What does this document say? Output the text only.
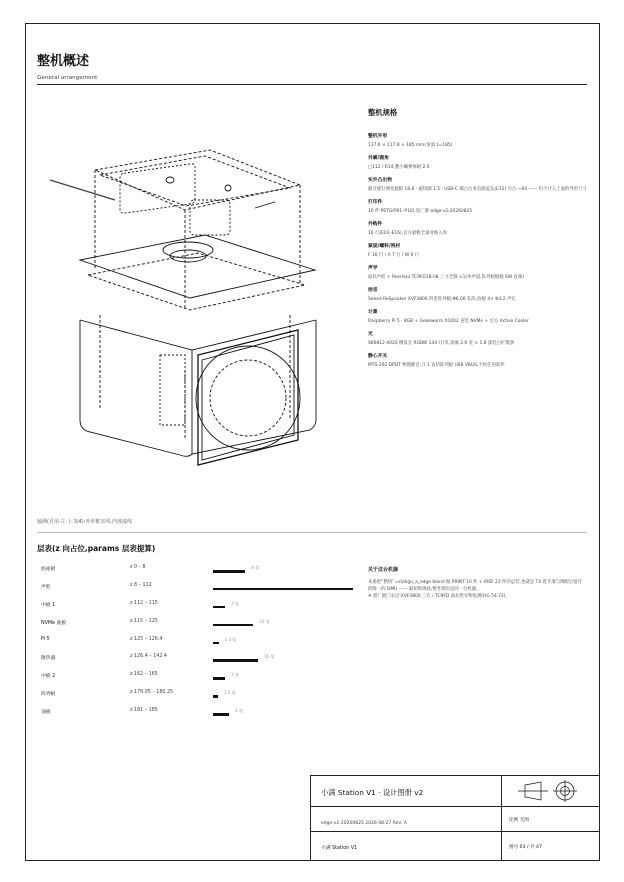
整机概述
General arrangement
轴测(自用·左·上 3/4):外形框实线,内部虚线
整机规格
整机外形
117.6 × 117.8 × 185 mm(顶面 z=185)
外廓/圆角
□112 / R14,叠小螺弹体板 2.5
实外凸出物
静音旋钉弹丝旋板 16.8 · 旋钮圈 1.5 · USB-C 插凸台本电源盖头(E12) 另凸 ~64 —— 均不计入上面的外形尺寸
打印件
10 件 PETG(P01–P10),迭厂册 edge-v2-20260825
外购件
16 行(E01–E16),官方最粗全量对账入库
紧固/螺料/视材
F 16 行 / A 7 行 / W 6 行
声学
面状声腔 + Peerless TC9FD18-08 三寸全频 ×1(单声道,阵列板板载 SW 直推)
拾音
Seeed ReSpeaker XVF3800 四麦阵列板,Φ6.00 孔阵,放板 4× Φ3.2 声孔
计算
Raspberry Pi 5 · 8GB + Geekworm X1002 直装 NVMe + 官方 Active Cooler
光
SK6812-4020 侧发光 RGBW 144 灯/米,顶缘 2.6 宽 × 1.8 深乳白扩散条
静心开关
MTS-202 DPDT 物理静音:刀 1 直切阵列板 USB VBUS,不经任何软件
层表(z 向占位,params 层表提算)
底座板	z 0 – 8	8 毫
声腔	z 8 – 112
中板 1	z 112 – 115	3 毫
NVMe 底板	z 115 – 125	10 毫
Pi 5	z 125 – 126.4	1.4 毫
散热器	z 126.4 – 142.4	16 毫
中板 2	z 162 – 165	3 毫
阵列板	z 179.05 – 180.25	1.2 毫
顶板	z 181 – 185	4 毫
关于这台机器
本册把“整机”=stalign_a_edge blend 做 PRINT 10 件 + IREF 21 件的总装,也就是 T4 着手准与调配后留存的唯一的 DMU —— 最初和现场,整务着的是同一台机器。
※ 派厂展门永过:XVF3800 三孔 / TC9FD 面孔给实物复测(HG 54.72)。
小满 Station V1 · 设计图册 v2
edge-v2-20260825 2026-08-27 Rev. A
小满 Station V1
比例 无图
图号 03 / 共 47
